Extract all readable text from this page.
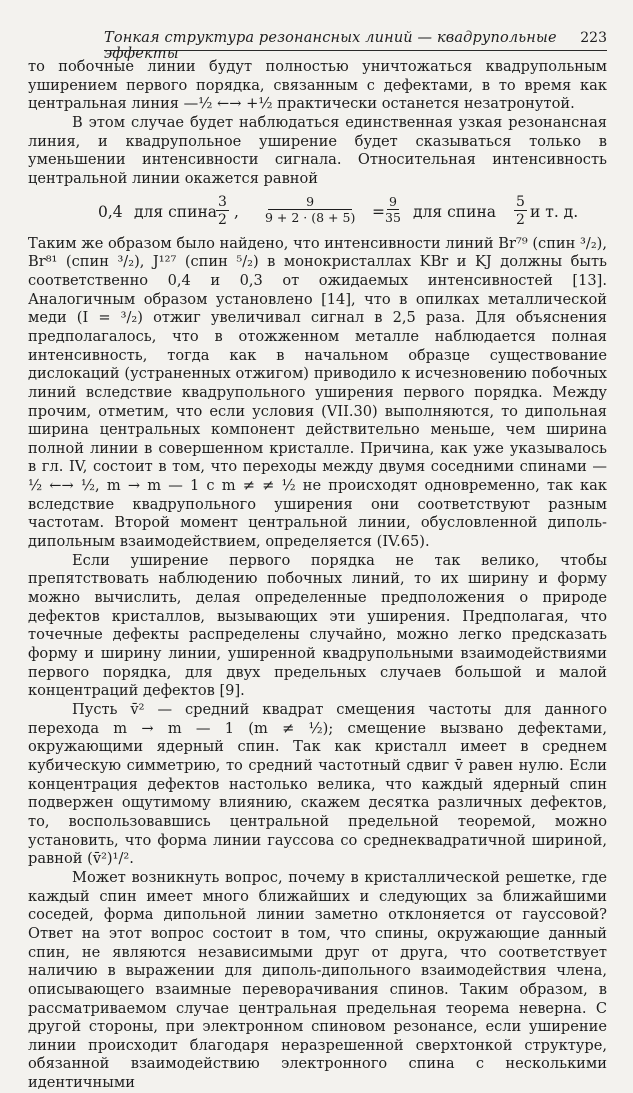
Тонкая структура резонансных линий — квадрупольные эффекты
223

то побочные линии будут полностью уничтожаться квадрупольным уширением первого порядка, связанным с дефектами, в то время как центральная линия —½ ←→ +½ практически останется незатронутой.

В этом случае будет наблюдаться единственная узкая резонансная линия, и квадрупольное уширение будет сказываться только в уменьшении интенсивности сигнала. Относительная интенсивность центральной линии окажется равной

0,4 для спина
$\frac{3}{2}$ , $\frac{9}{9 + 2 \cdot (8 + 5)} = \frac{9}{35}$ для спина $\frac{5}{2}$ и т. д.

Таким же образом было найдено, что интенсивности линий Br⁷⁹ (спин ³/₂), Br⁸¹ (спин ³/₂), J¹²⁷ (спин ⁵/₂) в монокристаллах KBr и KJ должны быть соответственно 0,4 и 0,3 от ожидаемых интенсивностей [13]. Аналогичным образом установлено [14], что в опилках металлической меди (I = ³/₂) отжиг увеличивал сигнал в 2,5 раза. Для объяснения предполагалось, что в отожженном металле наблюдается полная интенсивность, тогда как в начальном образце существование дислокаций (устраненных отжигом) приводило к исчезновению побочных линий вследствие квадрупольного уширения первого порядка. Между прочим, отметим, что если условия (VII.30) выполняются, то дипольная ширина центральных компонент действительно меньше, чем ширина полной линии в совершенном кристалле. Причина, как уже указывалось в гл. IV, состоит в том, что переходы между двумя соседними спинами —½ ←→ ½, m → m — 1 с m ≠ ≠ ½ не происходят одновременно, так как вследствие квадрупольного уширения они соответствуют разным частотам. Второй момент центральной линии, обусловленной диполь-дипольным взаимодействием, определяется (IV.65).

Если уширение первого порядка не так велико, чтобы препятствовать наблюдению побочных линий, то их ширину и форму можно вычислить, делая определенные предположения о природе дефектов кристаллов, вызывающих эти уширения. Предполагая, что точечные дефекты распределены случайно, можно легко предсказать форму и ширину линии, уширенной квадрупольными взаимодействиями первого порядка, для двух предельных случаев большой и малой концентраций дефектов [9].

Пусть v̄² — средний квадрат смещения частоты для данного перехода m → m — 1 (m ≠ ½); смещение вызвано дефектами, окружающими ядерный спин. Так как кристалл имеет в среднем кубическую симметрию, то средний частотный сдвиг v̄ равен нулю. Если концентрация дефектов настолько велика, что каждый ядерный спин подвержен ощутимому влиянию, скажем десятка различных дефектов, то, воспользовавшись центральной предельной теоремой, можно установить, что форма линии гауссова со среднеквадратичной шириной, равной (v̄²)¹/².

Может возникнуть вопрос, почему в кристаллической решетке, где каждый спин имеет много ближайших и следующих за ближайшими соседей, форма дипольной линии заметно отклоняется от гауссовой? Ответ на этот вопрос состоит в том, что спины, окружающие данный спин, не являются независимыми друг от друга, что соответствует наличию в выражении для диполь-дипольного взаимодействия члена, описывающего взаимные переворачивания спинов. Таким образом, в рассматриваемом случае центральная предельная теорема неверна. С другой стороны, при электронном спиновом резонансе, если уширение линии происходит благодаря неразрешенной сверхтонкой структуре, обязанной взаимодействию электронного спина с несколькими идентичными
